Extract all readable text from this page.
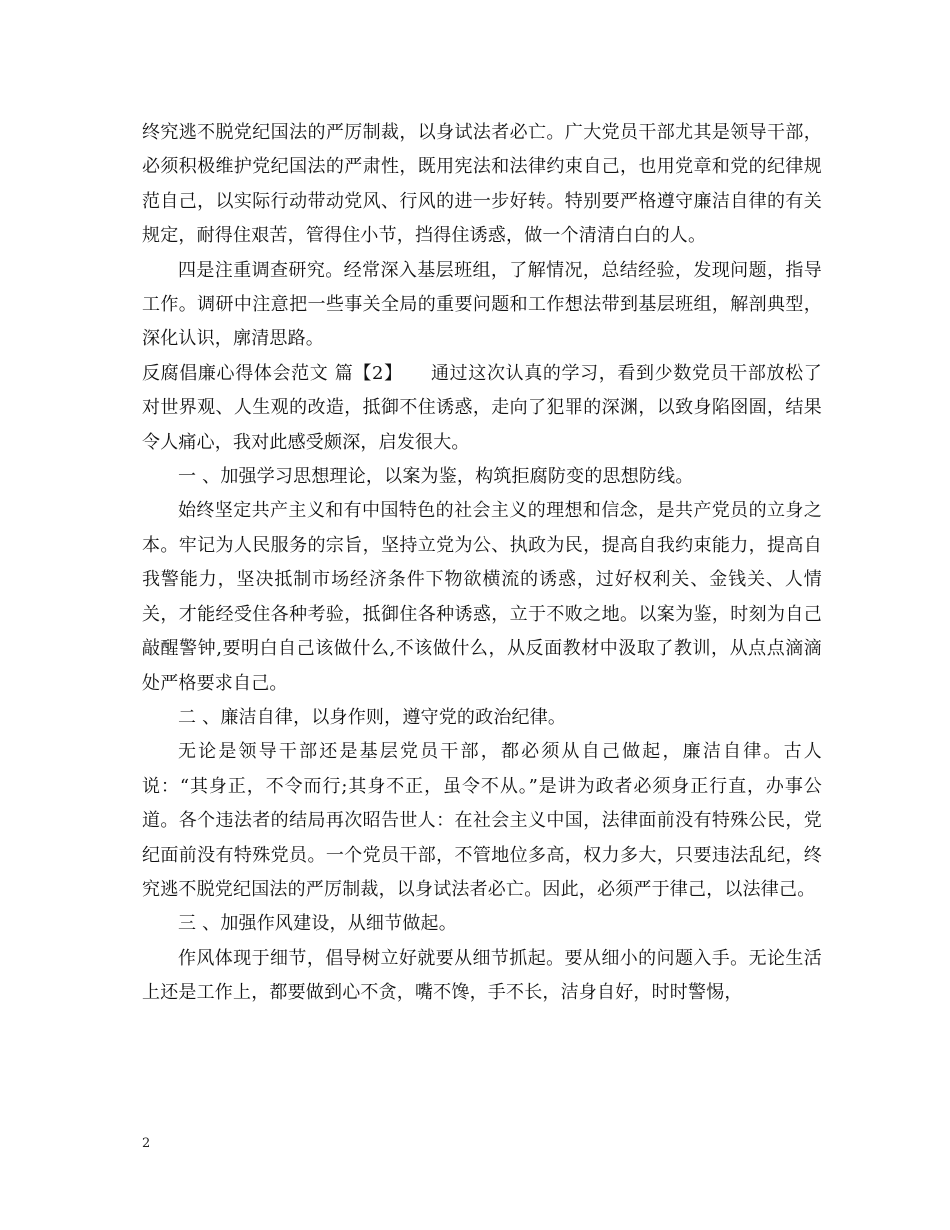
终究逃不脱党纪国法的严厉制裁，以身试法者必亡。广大党员干部尤其是领导干部，必须积极维护党纪国法的严肃性，既用宪法和法律约束自己，也用党章和党的纪律规范自己，以实际行动带动党风、行风的进一步好转。特别要严格遵守廉洁自律的有关规定，耐得住艰苦，管得住小节，挡得住诱惑，做一个清清白白的人。

四是注重调查研究。经常深入基层班组，了解情况，总结经验，发现问题，指导工作。调研中注意把一些事关全局的重要问题和工作想法带到基层班组，解剖典型，深化认识，廓清思路。

反腐倡廉心得体会范文 篇【2】　　通过这次认真的学习，看到少数党员干部放松了对世界观、人生观的改造，抵御不住诱惑，走向了犯罪的深渊，以致身陷囹圄，结果令人痛心，我对此感受颇深，启发很大。

一 、加强学习思想理论，以案为鉴，构筑拒腐防变的思想防线。

始终坚定共产主义和有中国特色的社会主义的理想和信念，是共产党员的立身之本。牢记为人民服务的宗旨，坚持立党为公、执政为民，提高自我约束能力，提高自我警能力，坚决抵制市场经济条件下物欲横流的诱惑，过好权利关、金钱关、人情关，才能经受住各种考验，抵御住各种诱惑，立于不败之地。以案为鉴，时刻为自己敲醒警钟,要明白自己该做什么,不该做什么，从反面教材中汲取了教训，从点点滴滴处严格要求自己。

二 、廉洁自律，以身作则，遵守党的政治纪律。

无论是领导干部还是基层党员干部，都必须从自己做起，廉洁自律。古人说：“其身正，不令而行;其身不正，虽令不从。”是讲为政者必须身正行直，办事公道。各个违法者的结局再次昭告世人：在社会主义中国，法律面前没有特殊公民，党纪面前没有特殊党员。一个党员干部，不管地位多高，权力多大，只要违法乱纪，终究逃不脱党纪国法的严厉制裁，以身试法者必亡。因此，必须严于律己，以法律己。

三 、加强作风建设，从细节做起。

作风体现于细节，倡导树立好就要从细节抓起。要从细小的问题入手。无论生活上还是工作上，都要做到心不贪，嘴不馋，手不长，洁身自好，时时警惕，

2
